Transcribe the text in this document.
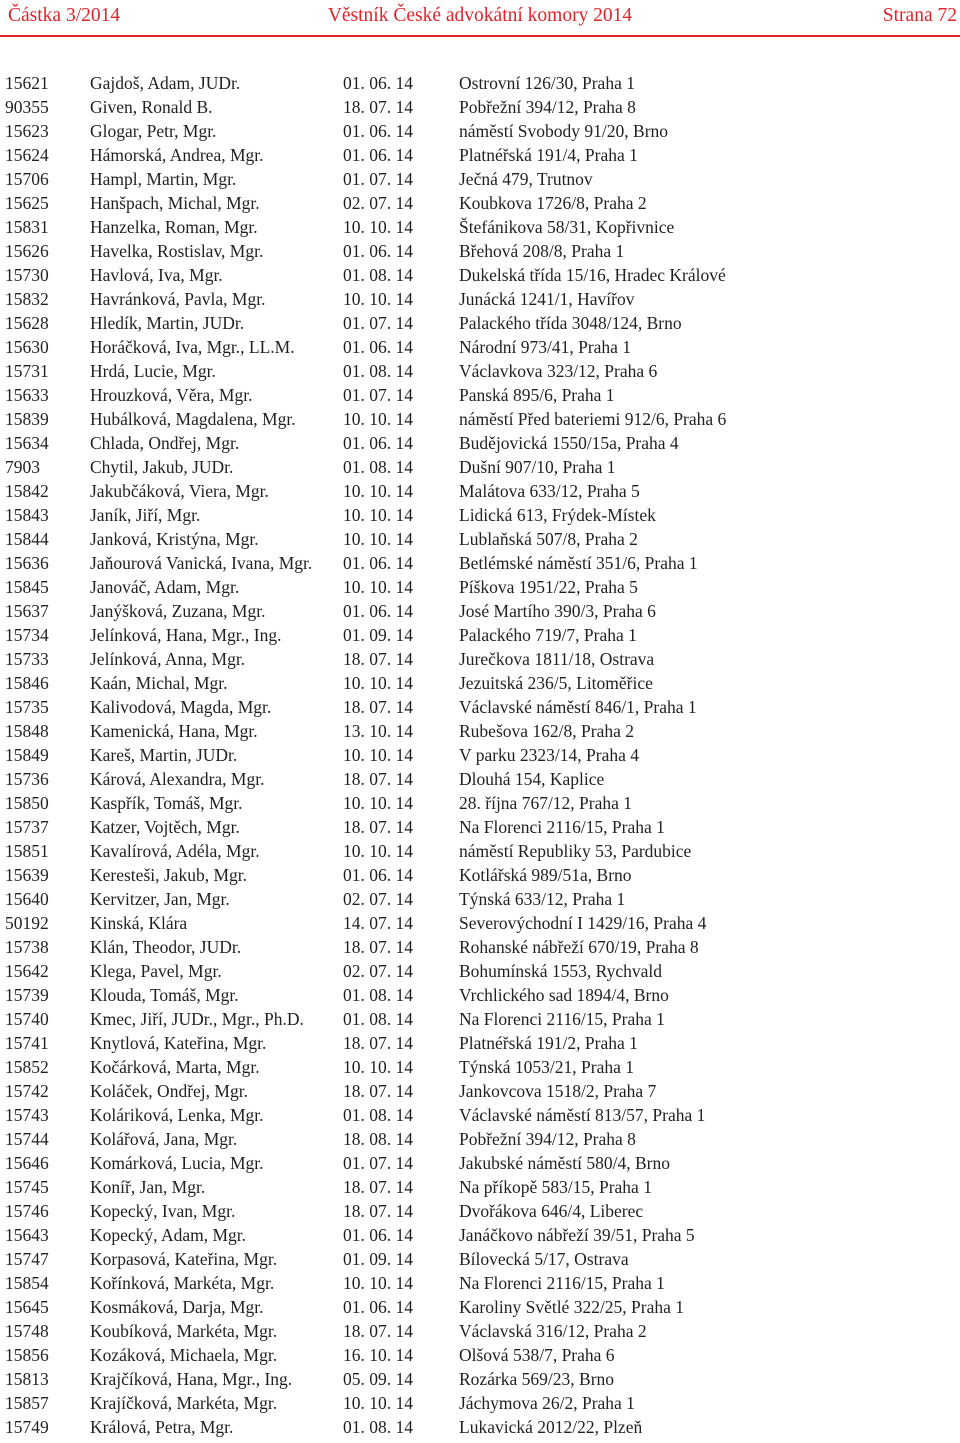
Částka 3/2014	Věstník České advokátní komory 2014	Strana 72
15621 Gajdoš, Adam, JUDr.	01. 06. 14	Ostrovní 126/30, Praha 1
90355 Given, Ronald B.	18. 07. 14	Pobřežní 394/12, Praha 8
15623 Glogar, Petr, Mgr.	01. 06. 14	náměstí Svobody 91/20, Brno
15624 Hámorská, Andrea, Mgr.	01. 06. 14	Platnéřská 191/4, Praha 1
15706 Hampl, Martin, Mgr.	01. 07. 14	Ječná 479, Trutnov
15625 Hanšpach, Michal, Mgr.	02. 07. 14	Koubkova 1726/8, Praha 2
15831 Hanzelka, Roman, Mgr.	10. 10. 14	Štefánikova 58/31, Kopřivnice
15626 Havelka, Rostislav, Mgr.	01. 06. 14	Břehová 208/8, Praha 1
15730 Havlová, Iva, Mgr.	01. 08. 14	Dukelská třída 15/16, Hradec Králové
15832 Havránková, Pavla, Mgr.	10. 10. 14	Junácká 1241/1, Havířov
15628 Hledík, Martin, JUDr.	01. 07. 14	Palackého třída 3048/124, Brno
15630 Horáčková, Iva, Mgr., LL.M.	01. 06. 14	Národní 973/41, Praha 1
15731 Hrdá, Lucie, Mgr.	01. 08. 14	Václavkova 323/12, Praha 6
15633 Hrouzková, Věra, Mgr.	01. 07. 14	Panská 895/6, Praha 1
15839 Hubálková, Magdalena, Mgr.	10. 10. 14	náměstí Před bateriemi 912/6, Praha 6
15634 Chlada, Ondřej, Mgr.	01. 06. 14	Budějovická 1550/15a, Praha 4
7903	Chytil, Jakub, JUDr.	01. 08. 14	Dušní 907/10, Praha 1
15842 Jakubčáková, Viera, Mgr.	10. 10. 14	Malátova 633/12, Praha 5
15843 Janík, Jiří, Mgr.	10. 10. 14	Lidická 613, Frýdek-Místek
15844 Janková, Kristýna, Mgr.	10. 10. 14	Lublaňská 507/8, Praha 2
15636 Jaňourová Vanická, Ivana, Mgr. 01. 06. 14	Betlémské náměstí 351/6, Praha 1
15845 Janováč, Adam, Mgr.	10. 10. 14	Píškova 1951/22, Praha 5
15637 Janýšková, Zuzana, Mgr.	01. 06. 14	José Martího 390/3, Praha 6
15734 Jelínková, Hana, Mgr., Ing.	01. 09. 14	Palackého 719/7, Praha 1
15733 Jelínková, Anna, Mgr.	18. 07. 14	Jurečkova 1811/18, Ostrava
15846 Kaán, Michal, Mgr.	10. 10. 14	Jezuitská 236/5, Litoměřice
15735 Kalivodová, Magda, Mgr.	18. 07. 14	Václavské náměstí 846/1, Praha 1
15848 Kamenická, Hana, Mgr.	13. 10. 14	Rubešova 162/8, Praha 2
15849 Kareš, Martin, JUDr.	10. 10. 14	V parku 2323/14, Praha 4
15736 Kárová, Alexandra, Mgr.	18. 07. 14	Dlouhá 154, Kaplice
15850 Kaspřík, Tomáš, Mgr.	10. 10. 14	28. října 767/12, Praha 1
15737 Katzer, Vojtěch, Mgr.	18. 07. 14	Na Florenci 2116/15, Praha 1
15851 Kavalírová, Adéla, Mgr.	10. 10. 14	náměstí Republiky 53, Pardubice
15639 Keresteši, Jakub, Mgr.	01. 06. 14	Kotlářská 989/51a, Brno
15640 Kervitzer, Jan, Mgr.	02. 07. 14	Týnská 633/12, Praha 1
50192 Kinská, Klára	14. 07. 14	Severovýchodní I 1429/16, Praha 4
15738 Klán, Theodor, JUDr.	18. 07. 14	Rohanské nábřeží 670/19, Praha 8
15642 Klega, Pavel, Mgr.	02. 07. 14	Bohumínská 1553, Rychvald
15739 Klouda, Tomáš, Mgr.	01. 08. 14	Vrchlického sad 1894/4, Brno
15740 Kmec, Jiří, JUDr., Mgr., Ph.D. 01. 08. 14	Na Florenci 2116/15, Praha 1
15741 Knytlová, Kateřina, Mgr.	18. 07. 14	Platnéřská 191/2, Praha 1
15852 Kočárková, Marta, Mgr.	10. 10. 14	Týnská 1053/21, Praha 1
15742 Koláček, Ondřej, Mgr.	18. 07. 14	Jankovcova 1518/2, Praha 7
15743 Koláriková, Lenka, Mgr.	01. 08. 14	Václavské náměstí 813/57, Praha 1
15744 Kolářová, Jana, Mgr.	18. 08. 14	Pobřežní 394/12, Praha 8
15646 Komárková, Lucia, Mgr.	01. 07. 14	Jakubské náměstí 580/4, Brno
15745 Koníř, Jan, Mgr.	18. 07. 14	Na příkopě 583/15, Praha 1
15746 Kopecký, Ivan, Mgr.	18. 07. 14	Dvořákova 646/4, Liberec
15643 Kopecký, Adam, Mgr.	01. 06. 14	Janáčkovo nábřeží 39/51, Praha 5
15747 Korpasová, Kateřina, Mgr.	01. 09. 14	Bílovecká 5/17, Ostrava
15854 Kořínková, Markéta, Mgr.	10. 10. 14	Na Florenci 2116/15, Praha 1
15645 Kosmáková, Darja, Mgr.	01. 06. 14	Karoliny Světlé 322/25, Praha 1
15748 Koubíková, Markéta, Mgr.	18. 07. 14	Václavská 316/12, Praha 2
15856 Kozáková, Michaela, Mgr.	16. 10. 14	Olšová 538/7, Praha 6
15813 Krajčíková, Hana, Mgr., Ing.	05. 09. 14	Rozárka 569/23, Brno
15857 Krajíčková, Markéta, Mgr.	10. 10. 14	Jáchymova 26/2, Praha 1
15749 Králová, Petra, Mgr.	01. 08. 14	Lukavická 2012/22, Plzeň
